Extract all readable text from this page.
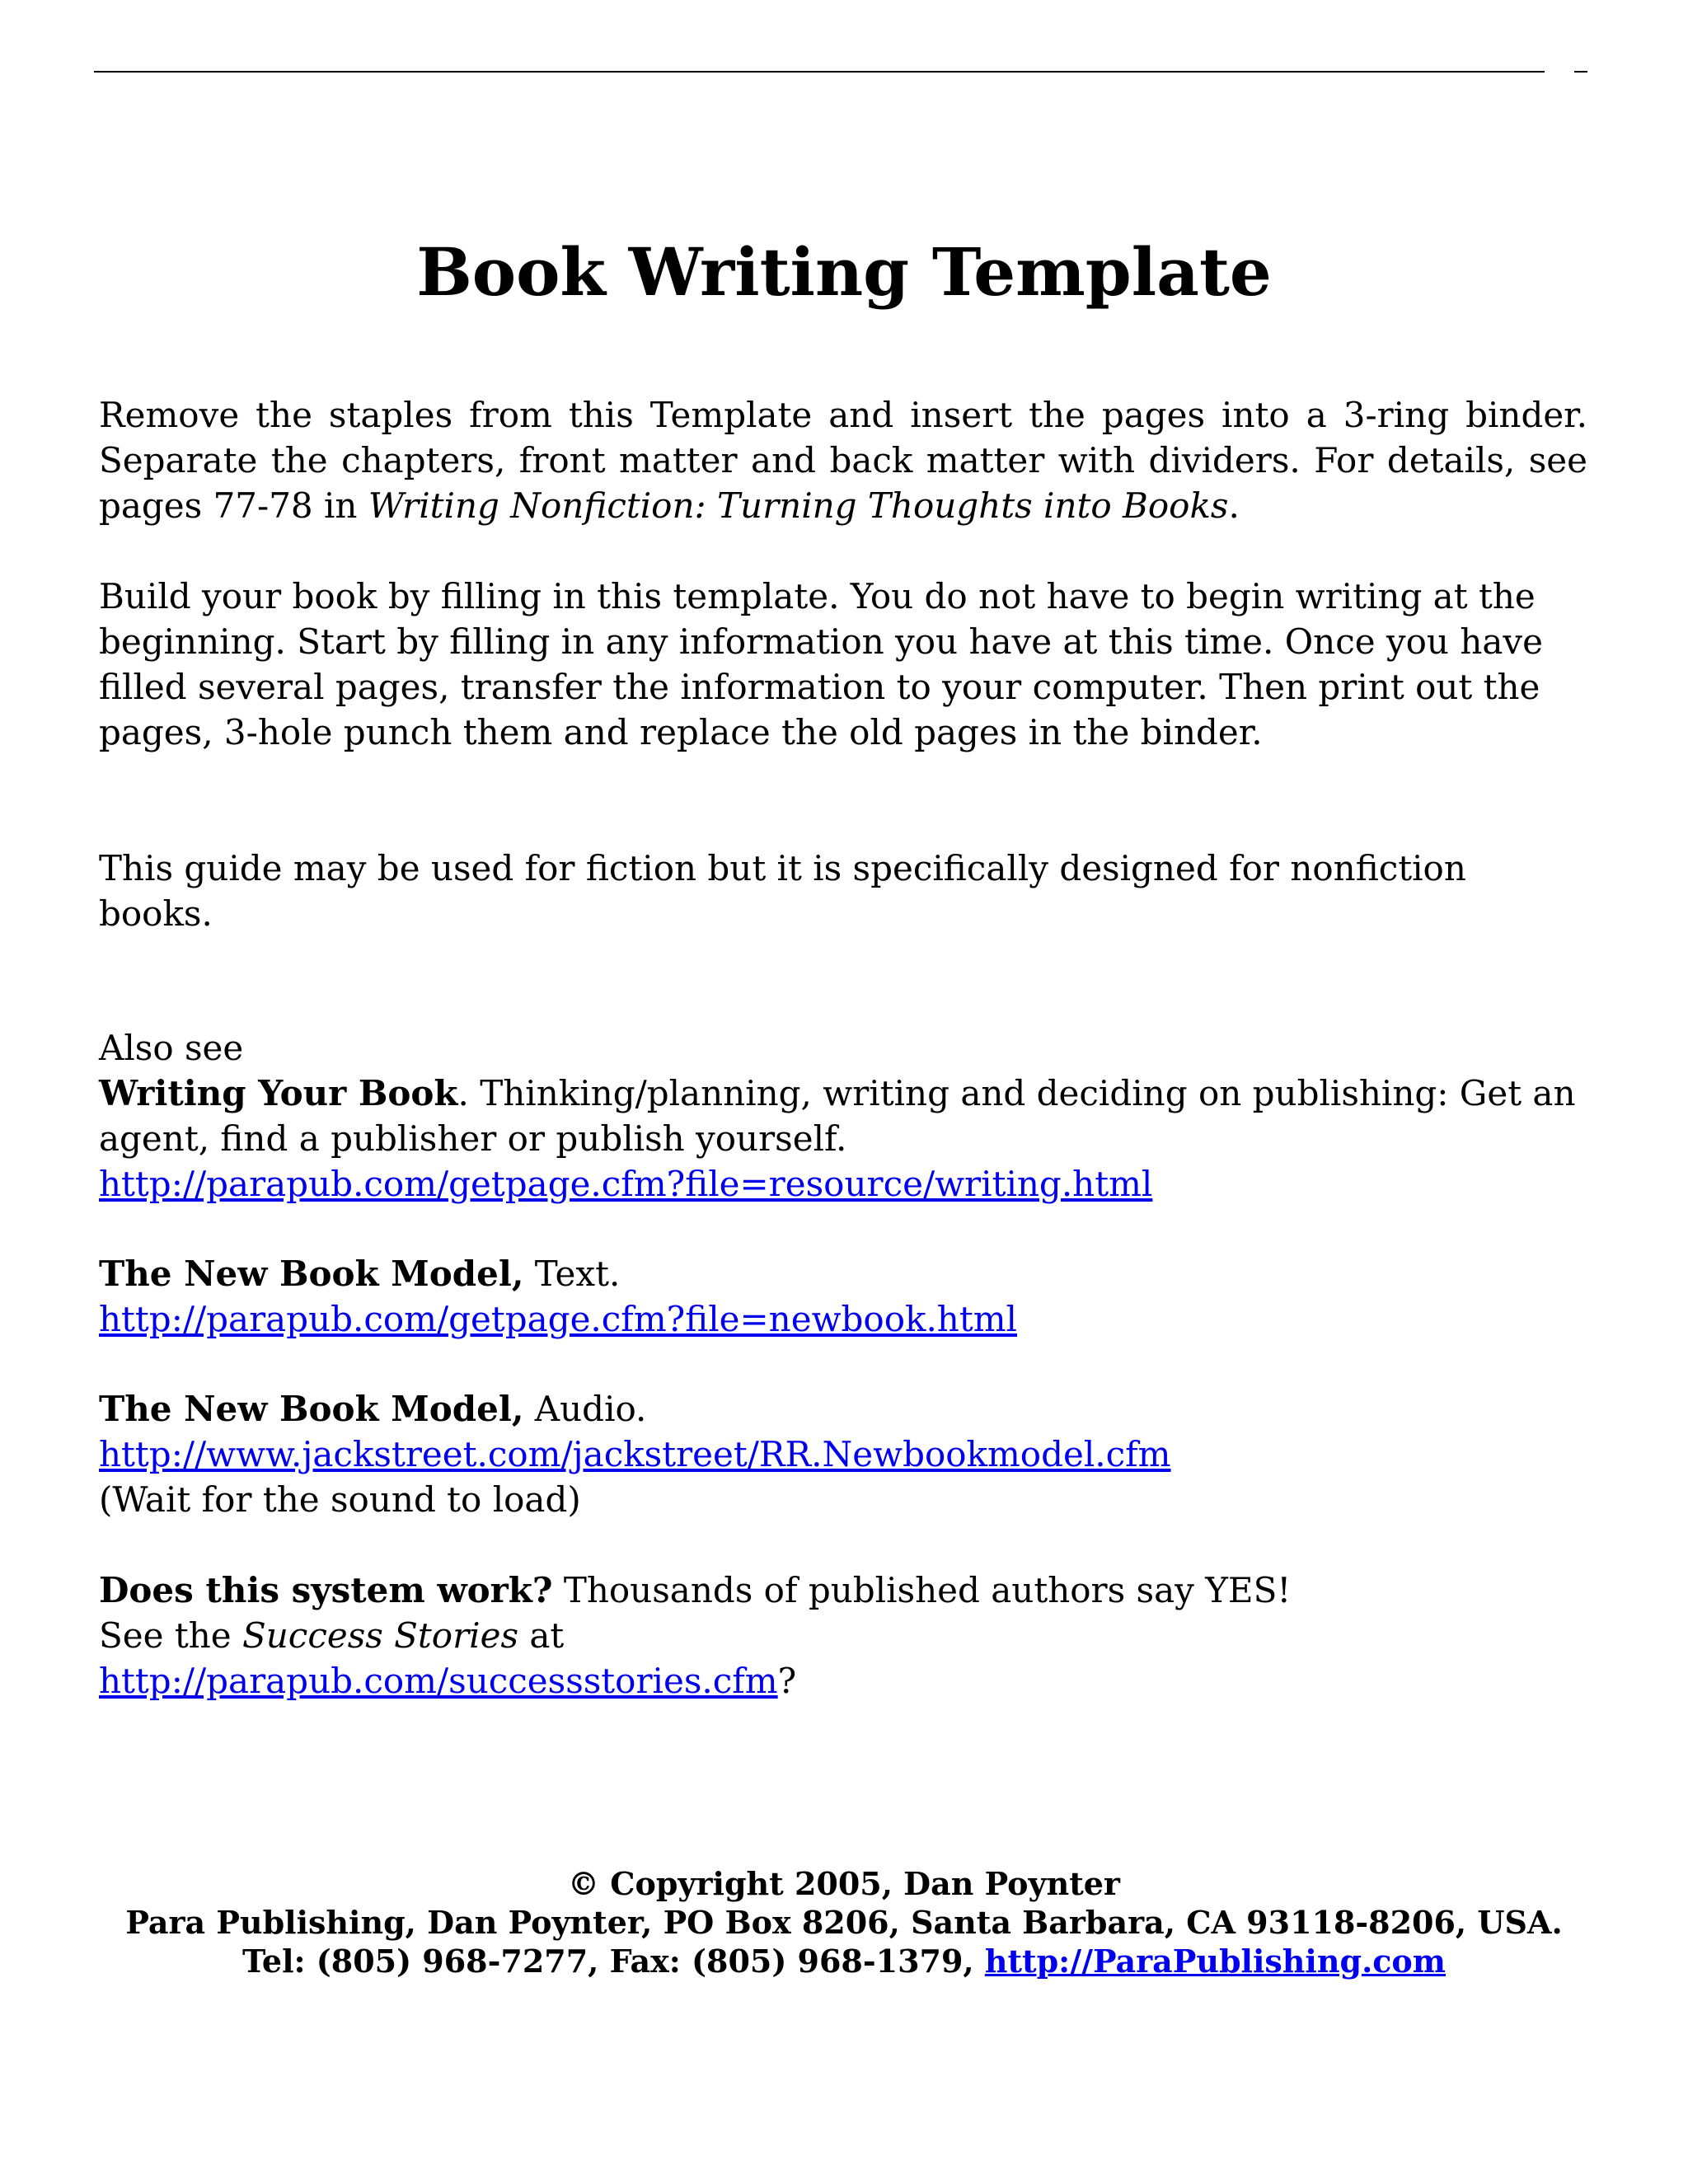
Book Writing Template

Remove the staples from this Template and insert the pages into a 3-ring binder. Separate the chapters, front matter and back matter with dividers. For details, see pages 77-78 in Writing Nonfiction: Turning Thoughts into Books.

Build your book by filling in this template. You do not have to begin writing at the beginning. Start by filling in any information you have at this time. Once you have filled several pages, transfer the information to your computer. Then print out the pages, 3-hole punch them and replace the old pages in the binder.

This guide may be used for fiction but it is specifically designed for nonfiction books.

Also see
Writing Your Book. Thinking/planning, writing and deciding on publishing: Get an agent, find a publisher or publish yourself.
http://parapub.com/getpage.cfm?file=resource/writing.html

The New Book Model, Text.
http://parapub.com/getpage.cfm?file=newbook.html

The New Book Model, Audio.
http://www.jackstreet.com/jackstreet/RR.Newbookmodel.cfm
(Wait for the sound to load)

Does this system work? Thousands of published authors say YES!
See the Success Stories at
http://parapub.com/successstories.cfm?

© Copyright 2005, Dan Poynter
Para Publishing, Dan Poynter, PO Box 8206, Santa Barbara, CA 93118-8206, USA.
Tel: (805) 968-7277, Fax: (805) 968-1379, http://ParaPublishing.com
